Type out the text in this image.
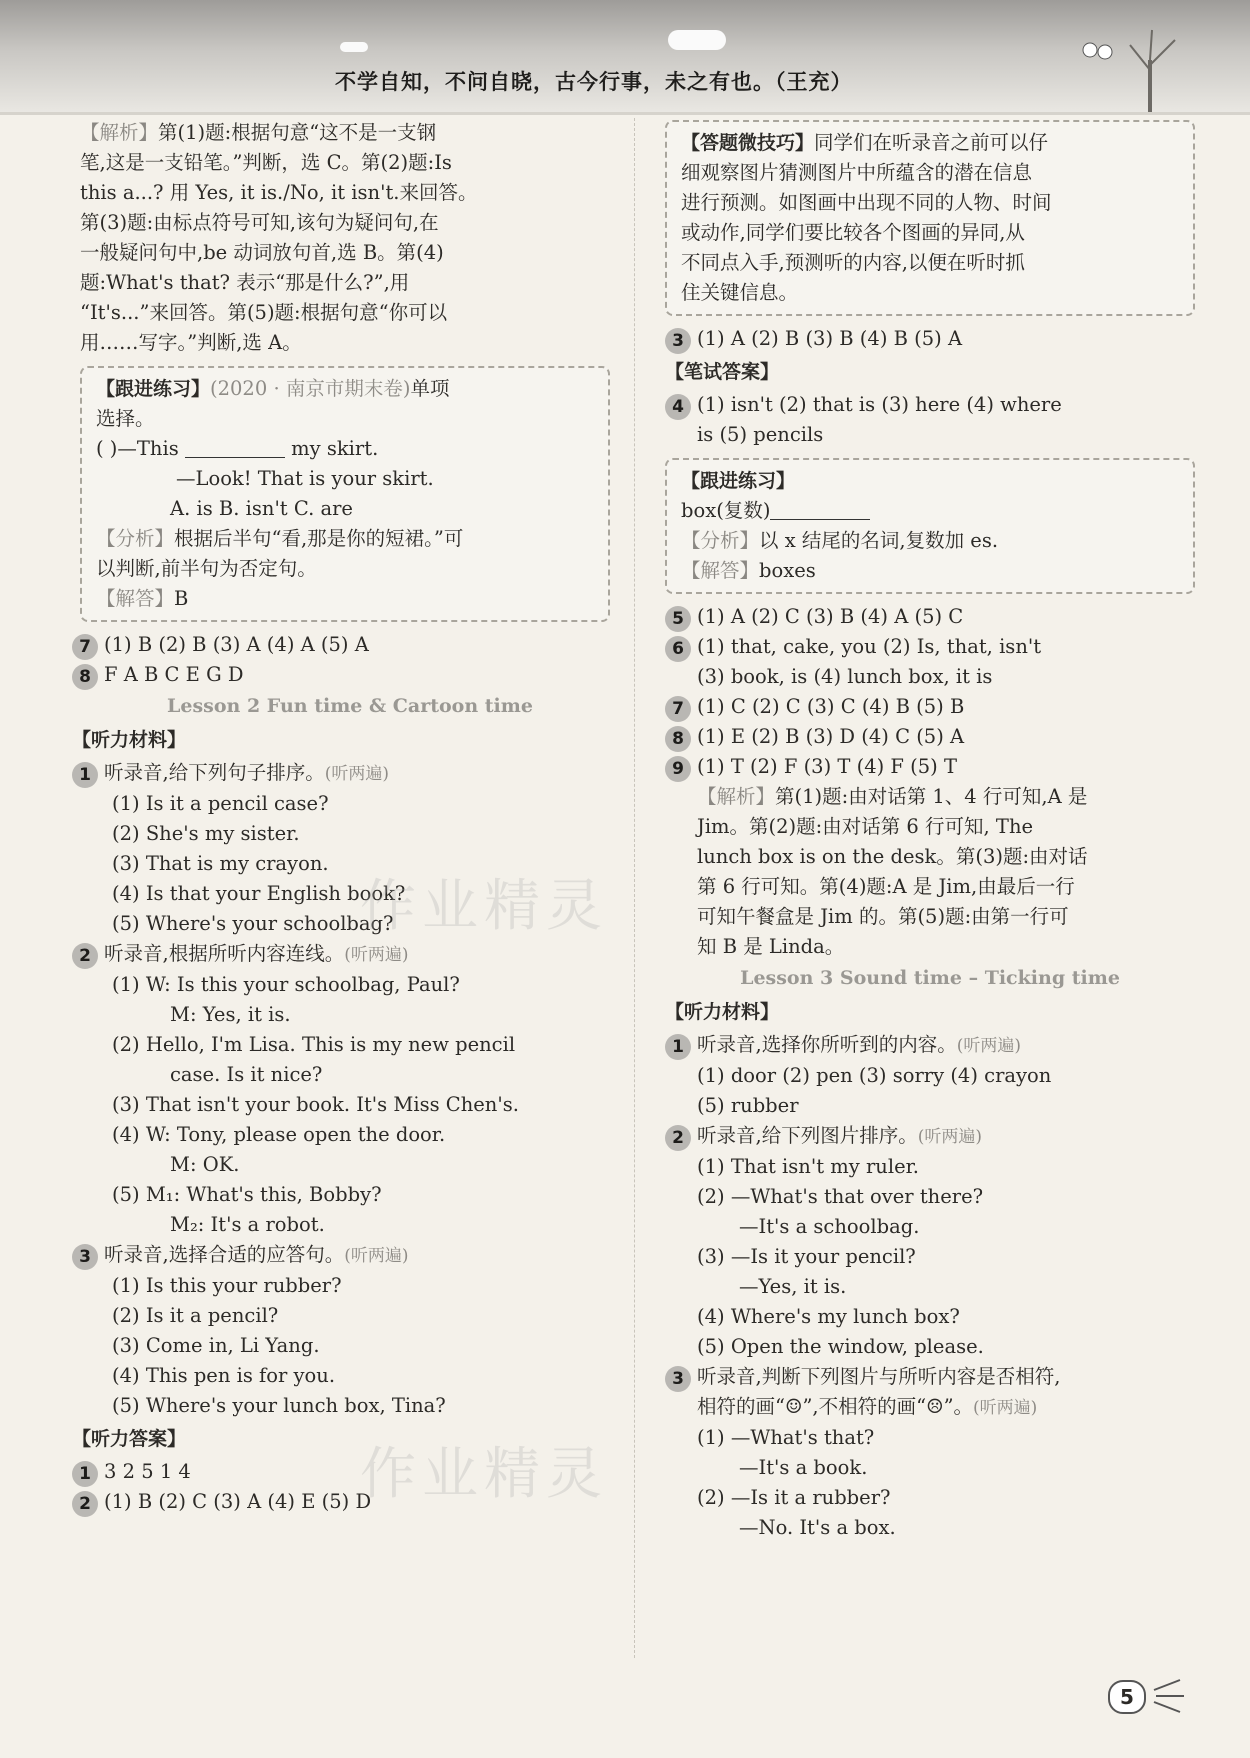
不学自知，不问自晓，古今行事，未之有也。（王充）

【解析】第(1)题:根据句意“这不是一支钢
笔,这是一支铅笔。”判断，选 C。第(2)题:Is
this a...? 用 Yes, it is./No, it isn't.来回答。
第(3)题:由标点符号可知,该句为疑问句,在
一般疑问句中,be 动词放句首,选 B。第(4)
题:What's that? 表示“那是什么?”,用
“It's...”来回答。第(5)题:根据句意“你可以
用……写字。”判断,选 A。

【跟进练习】(2020 · 南京市期末卷)单项
选择。
( )—This	my skirt.
—Look! That is your skirt.
A. is B. isn't C. are
【分析】根据后半句“看,那是你的短裙。”可
以判断,前半句为否定句。
【解答】B
7 (1) B (2) B (3) A (4) A (5) A
8 F A B C E G D
Lesson 2 Fun time & Cartoon time
【听力材料】
1 听录音,给下列句子排序。(听两遍)
(1) Is it a pencil case?
(2) She's my sister.
(3) That is my crayon.
(4) Is that your English book?
(5) Where's your schoolbag?
2 听录音,根据所听内容连线。(听两遍)
(1) W: Is this your schoolbag, Paul?
M: Yes, it is.
(2) Hello, I'm Lisa. This is my new pencil
case. Is it nice?
(3) That isn't your book. It's Miss Chen's.
(4) W: Tony, please open the door.
M: OK.
(5) M₁: What's this, Bobby?
M₂: It's a robot.
3 听录音,选择合适的应答句。(听两遍)
(1) Is this your rubber?
(2) Is it a pencil?
(3) Come in, Li Yang.
(4) This pen is for you.
(5) Where's your lunch box, Tina?
【听力答案】
1 3 2 5 1 4
2 (1) B (2) C (3) A (4) E (5) D
【答题微技巧】同学们在听录音之前可以仔
细观察图片猜测图片中所蕴含的潜在信息
进行预测。如图画中出现不同的人物、时间
或动作,同学们要比较各个图画的异同,从
不同点入手,预测听的内容,以便在听时抓
住关键信息。
3 (1) A (2) B (3) B (4) B (5) A
【笔试答案】
4 (1) isn't (2) that is (3) here (4) where
is (5) pencils
【跟进练习】
box(复数)
【分析】以 x 结尾的名词,复数加 es.
【解答】boxes
5 (1) A (2) C (3) B (4) A (5) C
6 (1) that, cake, you (2) Is, that, isn't
(3) book, is (4) lunch box, it is
7 (1) C (2) C (3) C (4) B (5) B
8 (1) E (2) B (3) D (4) C (5) A
9 (1) T (2) F (3) T (4) F (5) T

【解析】第(1)题:由对话第 1、4 行可知,A 是
Jim。第(2)题:由对话第 6 行可知, The
lunch box is on the desk。第(3)题:由对话
第 6 行可知。第(4)题:A 是 Jim,由最后一行
可知午餐盒是 Jim 的。第(5)题:由第一行可
知 B 是 Linda。

Lesson 3 Sound time – Ticking time
【听力材料】
1 听录音,选择你所听到的内容。(听两遍)
(1) door (2) pen (3) sorry (4) crayon
(5) rubber
2 听录音,给下列图片排序。(听两遍)
(1) That isn't my ruler.
(2) —What's that over there?
—It's a schoolbag.
(3) —Is it your pencil?
—Yes, it is.
(4) Where's my lunch box?
(5) Open the window, please.
3 听录音,判断下列图片与所听内容是否相符,
相符的画“☺”,不相符的画“☹”。(听两遍)
(1) —What's that?
—It's a book.
(2) —Is it a rubber?
—No. It's a box.
作业精灵
作业精灵
5
